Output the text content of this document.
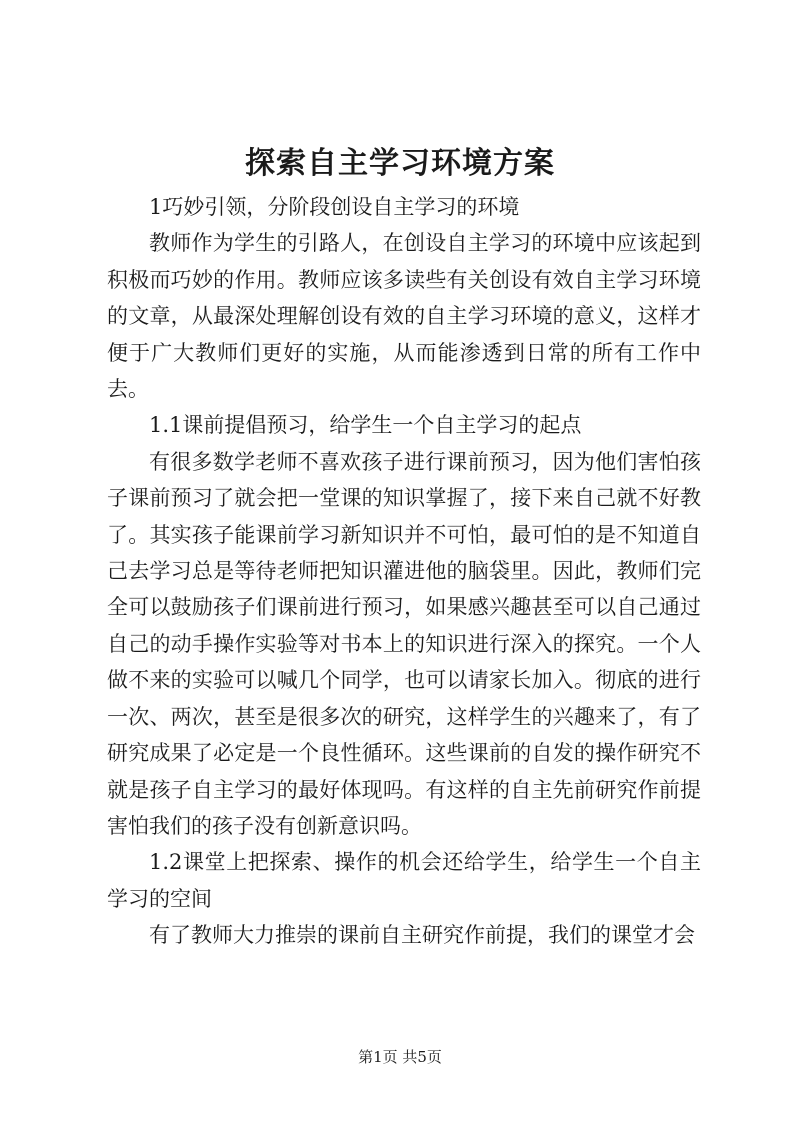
探索自主学习环境方案

1巧妙引领，分阶段创设自主学习的环境

教师作为学生的引路人，在创设自主学习的环境中应该起到积极而巧妙的作用。教师应该多读些有关创设有效自主学习环境的文章，从最深处理解创设有效的自主学习环境的意义，这样才便于广大教师们更好的实施，从而能渗透到日常的所有工作中去。

1.1课前提倡预习，给学生一个自主学习的起点

有很多数学老师不喜欢孩子进行课前预习，因为他们害怕孩子课前预习了就会把一堂课的知识掌握了，接下来自己就不好教了。其实孩子能课前学习新知识并不可怕，最可怕的是不知道自己去学习总是等待老师把知识灌进他的脑袋里。因此，教师们完全可以鼓励孩子们课前进行预习，如果感兴趣甚至可以自己通过自己的动手操作实验等对书本上的知识进行深入的探究。一个人做不来的实验可以喊几个同学，也可以请家长加入。彻底的进行一次、两次，甚至是很多次的研究，这样学生的兴趣来了，有了研究成果了必定是一个良性循环。这些课前的自发的操作研究不就是孩子自主学习的最好体现吗。有这样的自主先前研究作前提害怕我们的孩子没有创新意识吗。

1.2课堂上把探索、操作的机会还给学生，给学生一个自主学习的空间

有了教师大力推崇的课前自主研究作前提，我们的课堂才会

第1页 共5页
